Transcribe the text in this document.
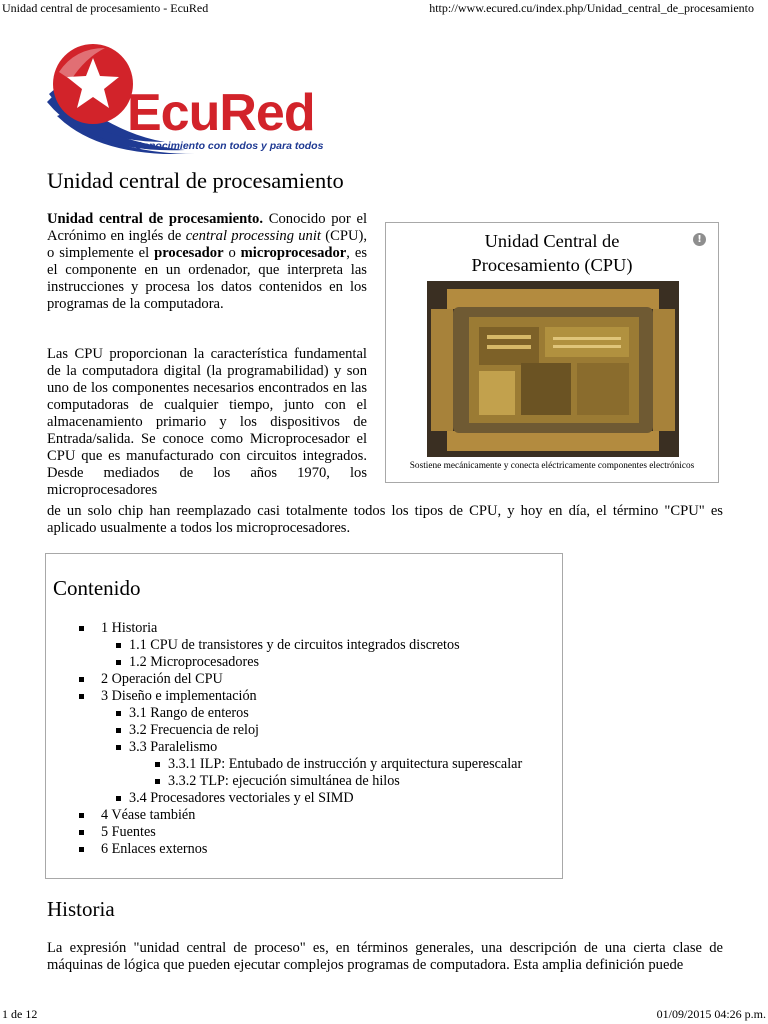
Unidad central de procesamiento - EcuRed	http://www.ecured.cu/index.php/Unidad_central_de_procesamiento
EcuRed
Conocimiento con todos y para todos
Unidad central de procesamiento

Unidad central de procesamiento. Conocido por el Acrónimo en inglés de central processing unit (CPU), o simplemente el procesador o microprocesador, es el componente en un ordenador, que interpreta las instrucciones y procesa los datos contenidos en los programas de la computadora.

Las CPU proporcionan la característica fundamental de la computadora digital (la programabilidad) y son uno de los componentes necesarios encontrados en las computadoras de cualquier tiempo, junto con el almacenamiento primario y los dispositivos de Entrada/salida. Se conoce como Microprocesador el CPU que es manufacturado con circuitos integrados. Desde mediados de los años 1970, los microprocesadores

de un solo chip han reemplazado casi totalmente todos los tipos de CPU, y hoy en día, el término "CPU" es aplicado usualmente a todos los microprocesadores.

Unidad Central de
Procesamiento (CPU)
!
Sostiene mecánicamente y conecta eléctricamente componentes electrónicos
Contenido
1 Historia
1.1 CPU de transistores y de circuitos integrados discretos
1.2 Microprocesadores
2 Operación del CPU
3 Diseño e implementación
3.1 Rango de enteros
3.2 Frecuencia de reloj
3.3 Paralelismo
3.3.1 ILP: Entubado de instrucción y arquitectura superescalar
3.3.2 TLP: ejecución simultánea de hilos
3.4 Procesadores vectoriales y el SIMD
4 Véase también
5 Fuentes
6 Enlaces externos
Historia

La expresión "unidad central de proceso" es, en términos generales, una descripción de una cierta clase de máquinas de lógica que pueden ejecutar complejos programas de computadora. Esta amplia definición puede

1 de 12	01/09/2015 04:26 p.m.
